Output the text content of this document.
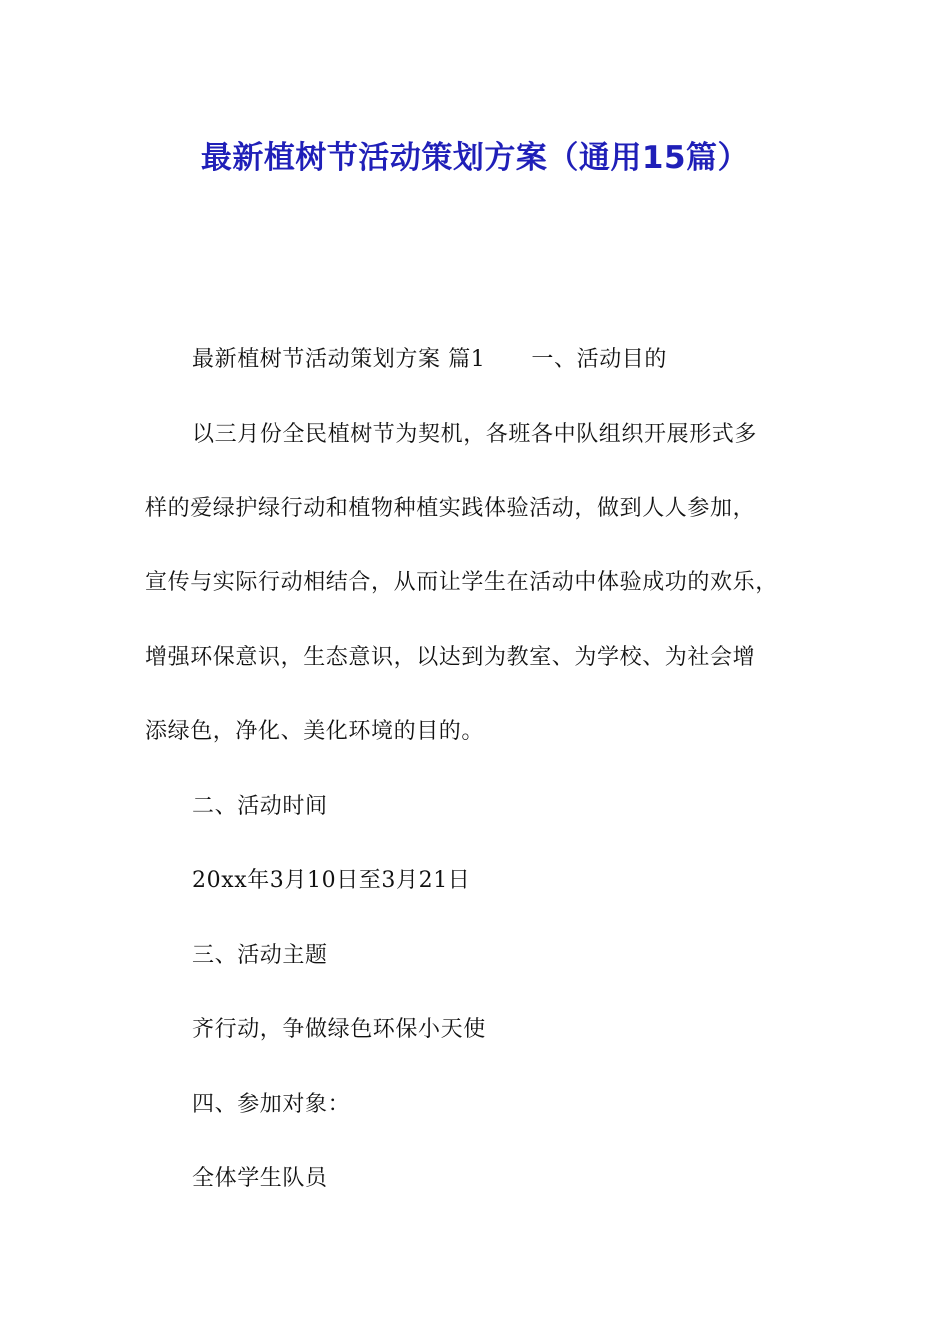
最新植树节活动策划方案（通用15篇）
最新植树节活动策划方案 篇1 一、活动目的
以三月份全民植树节为契机，各班各中队组织开展形式多
样的爱绿护绿行动和植物种植实践体验活动，做到人人参加，
宣传与实际行动相结合，从而让学生在活动中体验成功的欢乐，
增强环保意识，生态意识，以达到为教室、为学校、为社会增
添绿色，净化、美化环境的目的。
二、活动时间
20xx年3月10日至3月21日
三、活动主题
齐行动，争做绿色环保小天使
四、参加对象：
全体学生队员
